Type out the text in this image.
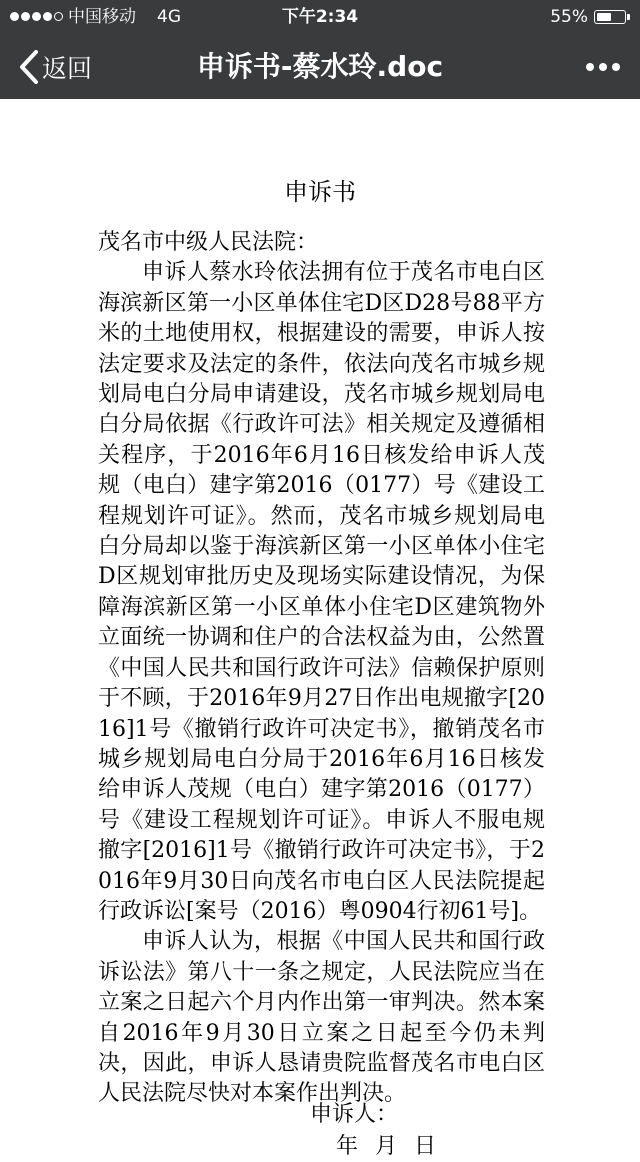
中国移动 4G	下午2:34	55%
返回	申诉书-蔡水玲.doc
申诉书

茂名市中级人民法院：

申诉人蔡水玲依法拥有位于茂名市电白区海滨新区第一小区单体住宅D区D28号88平方米的土地使用权，根据建设的需要，申诉人按法定要求及法定的条件，依法向茂名市城乡规划局电白分局申请建设，茂名市城乡规划局电白分局依据《行政许可法》相关规定及遵循相关程序，于2016年6月16日核发给申诉人茂规（电白）建字第2016（0177）号《建设工程规划许可证》。然而，茂名市城乡规划局电白分局却以鉴于海滨新区第一小区单体小住宅D区规划审批历史及现场实际建设情况，为保障海滨新区第一小区单体小住宅D区建筑物外立面统一协调和住户的合法权益为由，公然置《中国人民共和国行政许可法》信赖保护原则于不顾，于2016年9月27日作出电规撤字[2016]1号《撤销行政许可决定书》，撤销茂名市城乡规划局电白分局于2016年6月16日核发给申诉人茂规（电白）建字第2016（0177）号《建设工程规划许可证》。申诉人不服电规撤字[2016]1号《撤销行政许可决定书》，于2016年9月30日向茂名市电白区人民法院提起行政诉讼[案号（2016）粤0904行初61号]。

申诉人认为，根据《中国人民共和国行政诉讼法》第八十一条之规定，人民法院应当在立案之日起六个月内作出第一审判决。然本案自2016年9月30日立案之日起至今仍未判决，因此，申诉人恳请贵院监督茂名市电白区人民法院尽快对本案作出判决。

申诉人：
年 月 日
